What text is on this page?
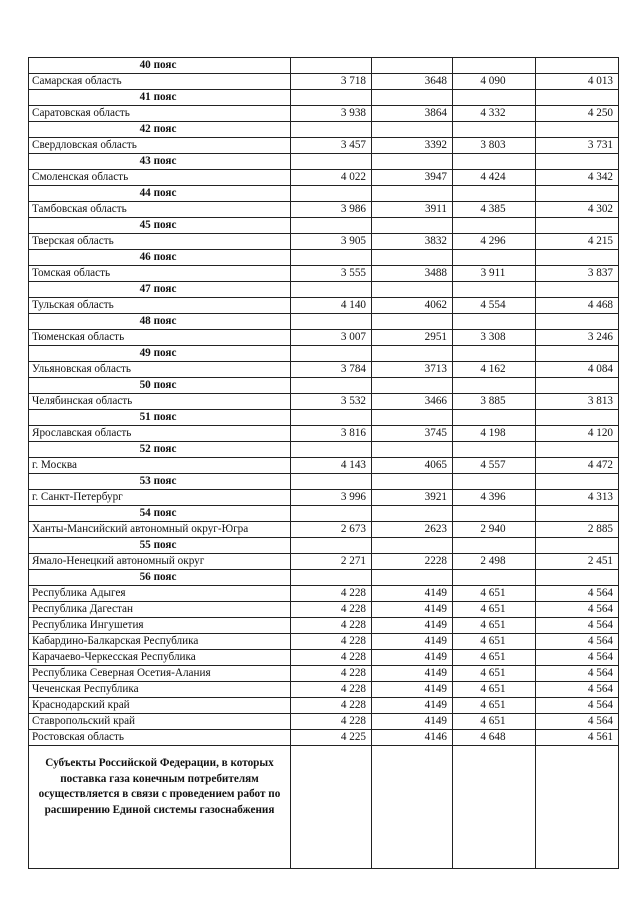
40 пояс				
Самарская область	3 718	3648	4 090	4 013
41 пояс				
Саратовская область	3 938	3864	4 332	4 250
42 пояс				
Свердловская область	3 457	3392	3 803	3 731
43 пояс				
Смоленская область	4 022	3947	4 424	4 342
44 пояс				
Тамбовская область	3 986	3911	4 385	4 302
45 пояс				
Тверская область	3 905	3832	4 296	4 215
46 пояс				
Томская область	3 555	3488	3 911	3 837
47 пояс				
Тульская область	4 140	4062	4 554	4 468
48 пояс				
Тюменская область	3 007	2951	3 308	3 246
49 пояс				
Ульяновская область	3 784	3713	4 162	4 084
50 пояс				
Челябинская область	3 532	3466	3 885	3 813
51 пояс				
Ярославская область	3 816	3745	4 198	4 120
52 пояс				
г. Москва	4 143	4065	4 557	4 472
53 пояс				
г. Санкт-Петербург	3 996	3921	4 396	4 313
54 пояс				
Ханты-Мансийский автономный округ-Югра	2 673	2623	2 940	2 885
55 пояс				
Ямало-Ненецкий автономный округ	2 271	2228	2 498	2 451
56 пояс				
Республика Адыгея	4 228	4149	4 651	4 564
Республика Дагестан	4 228	4149	4 651	4 564
Республика Ингушетия	4 228	4149	4 651	4 564
Кабардино-Балкарская Республика	4 228	4149	4 651	4 564
Карачаево-Черкесская Республика	4 228	4149	4 651	4 564
Республика Северная Осетия-Алания	4 228	4149	4 651	4 564
Чеченская Республика	4 228	4149	4 651	4 564
Краснодарский край	4 228	4149	4 651	4 564
Ставропольский край	4 228	4149	4 651	4 564
Ростовская область	4 225	4146	4 648	4 561
Субъекты Российской Федерации, в которых поставка газа конечным потребителям осуществляется в связи с проведением работ по расширению Единой системы газоснабжения				
